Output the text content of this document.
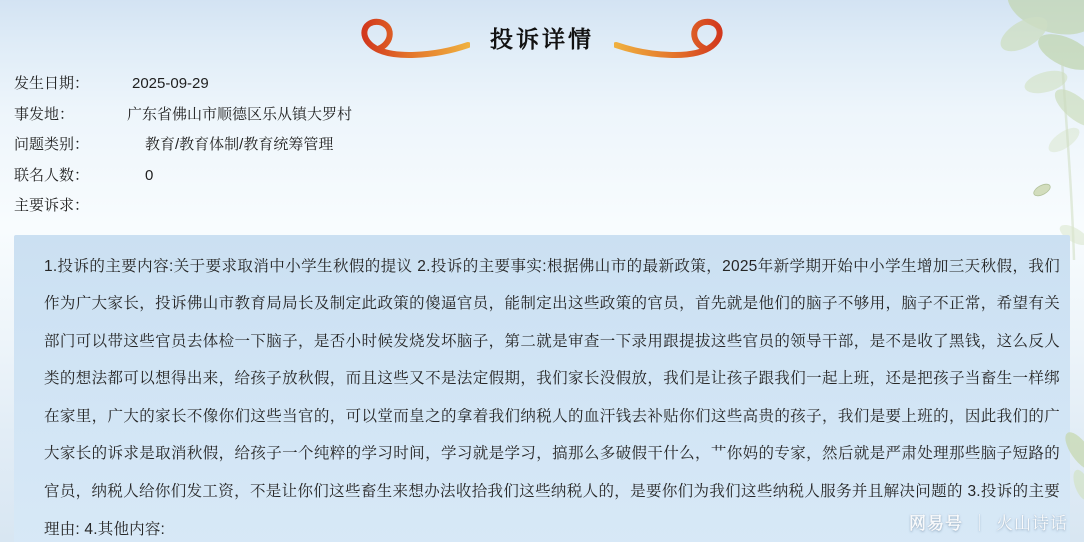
投诉详情
发生日期：	2025-09-29
事发地：	广东省佛山市顺德区乐从镇大罗村
问题类别：	教育/教育体制/教育统筹管理
联名人数：	0
主要诉求：
1.投诉的主要内容:关于要求取消中小学生秋假的提议 2.投诉的主要事实:根据佛山市的最新政策，2025年新学期开始中小学生增加三天秋假，我们作为广大家长，投诉佛山市教育局局长及制定此政策的傻逼官员，能制定出这些政策的官员，首先就是他们的脑子不够用，脑子不正常，希望有关部门可以带这些官员去体检一下脑子，是否小时候发烧发坏脑子，第二就是审查一下录用跟提拔这些官员的领导干部，是不是收了黑钱，这么反人类的想法都可以想得出来，给孩子放秋假，而且这些又不是法定假期，我们家长没假放，我们是让孩子跟我们一起上班，还是把孩子当畜生一样绑在家里，广大的家长不像你们这些当官的，可以堂而皇之的拿着我们纳税人的血汗钱去补贴你们这些高贵的孩子，我们是要上班的，因此我们的广大家长的诉求是取消秋假，给孩子一个纯粹的学习时间，学习就是学习，搞那么多破假干什么，艹你妈的专家，然后就是严肃处理那些脑子短路的官员，纳税人给你们发工资，不是让你们这些畜生来想办法收拾我们这些纳税人的，是要你们为我们这些纳税人服务并且解决问题的 3.投诉的主要理由: 4.其他内容:	网易号 ｜ 火山诗话
